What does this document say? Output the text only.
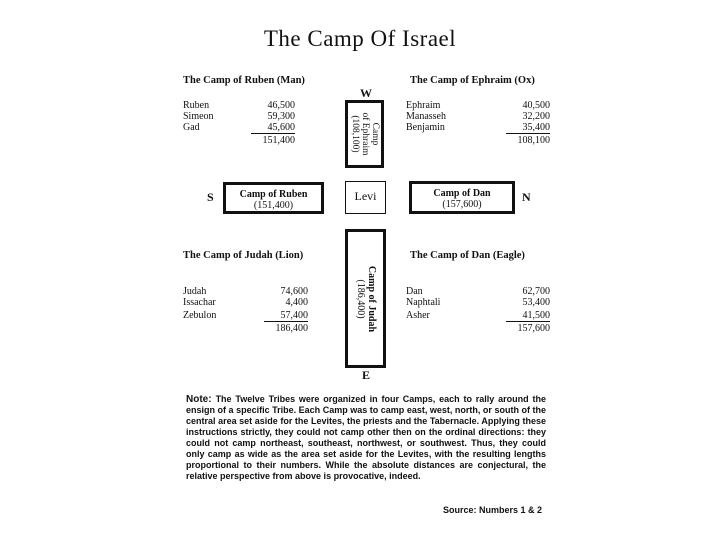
The Camp Of Israel
The Camp of Ruben (Man)
Ruben	46,500
Simeon	59,300
Gad	45,600
151,400
The Camp of Ephraim (Ox)
Ephraim	40,500
Manasseh	32,200
Benjamin	35,400
108,100
The Camp of Judah (Lion)
Judah	74,600
Issachar	4,400
Zebulon	57,400
186,400
The Camp of Dan (Eagle)
Dan	62,700
Naphtali	53,400
Asher	41,500
157,600
W
S	N
E
Camp
of Ephraim
(108,100)
Camp of Ruben
(151,400)
Levi	Camp of Dan
(157,600)
Camp of Judah
(186,400)
Note: The Twelve Tribes were organized in four Camps, each to rally around the ensign of a specific Tribe. Each Camp was to camp east, west, north, or south of the central area set aside for the Levites, the priests and the Tabernacle. Applying these instructions strictly, they could not camp other then on the ordinal directions: they could not camp northeast, southeast, northwest, or southwest. Thus, they could only camp as wide as the area set aside for the Levites, with the resulting lengths proportional to their numbers. While the absolute distances are conjectural, the relative perspective from above is provocative, indeed.
Source: Numbers 1 & 2
